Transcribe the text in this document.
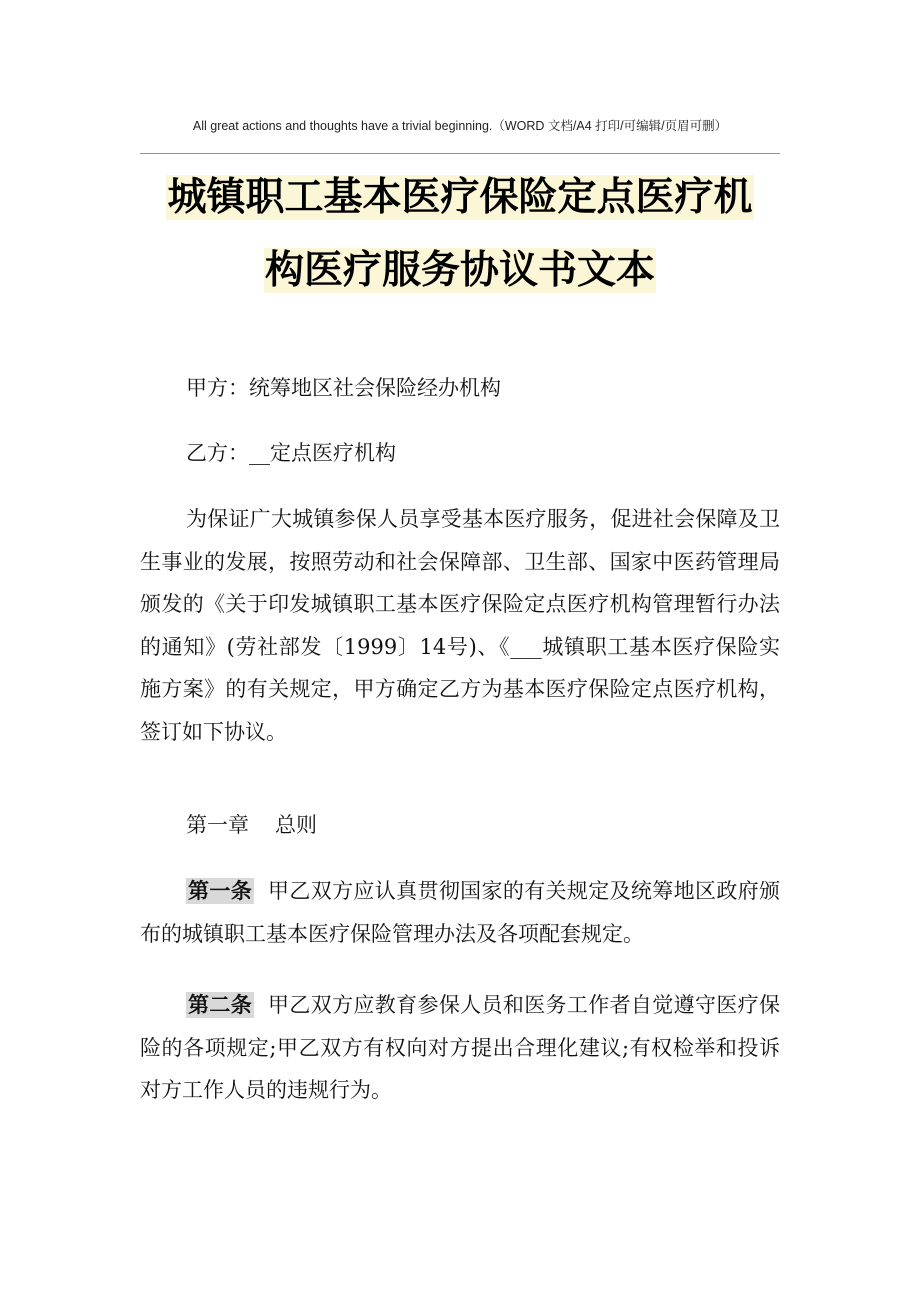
All great actions and thoughts have a trivial beginning.（WORD 文档/A4 打印/可编辑/页眉可删）
城镇职工基本医疗保险定点医疗机
构医疗服务协议书文本

甲方：统筹地区社会保险经办机构

乙方：__定点医疗机构

为保证广大城镇参保人员享受基本医疗服务，促进社会保障及卫生事业的发展，按照劳动和社会保障部、卫生部、国家中医药管理局颁发的《关于印发城镇职工基本医疗保险定点医疗机构管理暂行办法的通知》(劳社部发〔1999〕14号)、《___城镇职工基本医疗保险实施方案》的有关规定，甲方确定乙方为基本医疗保险定点医疗机构，签订如下协议。

第一章 总则

第一条 甲乙双方应认真贯彻国家的有关规定及统筹地区政府颁布的城镇职工基本医疗保险管理办法及各项配套规定。

第二条 甲乙双方应教育参保人员和医务工作者自觉遵守医疗保险的各项规定;甲乙双方有权向对方提出合理化建议;有权检举和投诉对方工作人员的违规行为。
